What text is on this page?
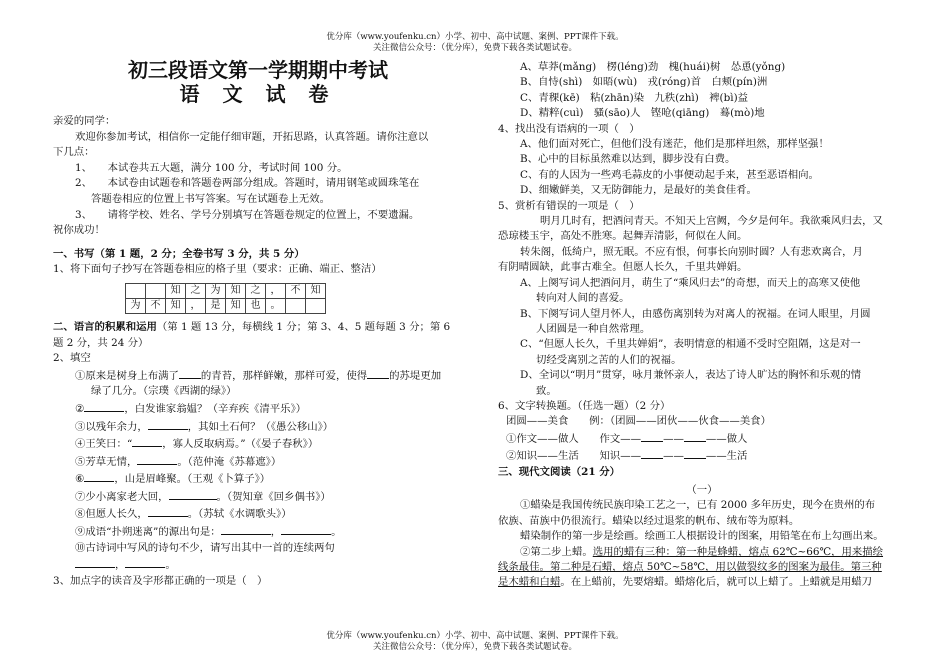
优分库（www.youfenku.cn）小学、初中、高中试题、案例、PPT课件下载。
关注微信公众号：（优分库），免费下载各类试题试卷。
初三段语文第一学期期中考试
语 文 试 卷
亲爱的同学：
欢迎你参加考试，相信你一定能仔细审题，开拓思路，认真答题。请你注意以
下几点：
1、　　本试卷共五大题，满分 100 分，考试时间 100 分。
2、　　本试卷由试题卷和答题卷两部分组成。答题时，请用钢笔或圆珠笔在
答题卷相应的位置上书写答案。写在试题卷上无效。
3、　　请将学校、姓名、学号分别填写在答题卷规定的位置上，不要遗漏。
祝你成功！
一、书写（第 1 题，2 分；全卷书写 3 分，共 5 分）
1、将下面句子抄写在答题卷相应的格子里（要求：正确、端正、整洁）
		知	之	为	知	之	，	不	知
为	不	知	，	是	知	也	。		
二、语言的积累和运用（第 1 题 13 分，每横线 1 分；第 3、4、5 题每题 3 分；第 6
题 2 分，共 24 分）
2、填空
①原来是树身上布满了 的青苔，那样鲜嫩，那样可爱，使得 的苏堤更加
绿了几分。（宗璞《西湖的绿》）
②	，白发谁家翁媪？（辛弃疾《清平乐》）
③以残年余力，	，其如土石何？（《愚公移山》）
④王笑曰：“	，寡人反取病焉。”（《晏子春秋》）
⑤芳草无情，	。（范仲淹《苏幕遮》）
⑥	，山是眉峰聚。（王观《卜算子》）
⑦少小离家老大回，	。（贺知章《回乡偶书》）
⑧但愿人长久，	。（苏轼《水调歌头》）
⑨成语“扑朔迷离”的源出句是：	，	。
⑩古诗词中写风的诗句不少，请写出其中一首的连续两句
，	。
3、加点字的读音及字形都正确的一项是（　）
A、草莽(mǎng)　楞(léng)劲　槐(huái)树　怂恿(yǒng)
B、自恃(shì)　如晤(wù)　戎(róng)首　白颊(pín)洲
C、青稞(kē)　粘(zhān)染　九秩(zhì)　裨(bì)益
D、精粹(cuì)　骚(sāo)人　铿呛(qiāng)　蓦(mò)地
4、找出没有语病的一项（　）
A、他们面对死亡，但他们没有迷茫，他们是那样坦然，那样坚强！
B、心中的目标虽然难以达到，脚步没有白费。
C、有的人因为一些鸡毛蒜皮的小事便动起手来，甚至恶语相向。
D、细嫩鲜美，又无防御能力，是最好的美食佳肴。
5、赏析有错误的一项是（　）
明月几时有，把酒问青天。不知天上宫阙，今夕是何年。我欲乘风归去，又
恐琼楼玉宇，高处不胜寒。起舞弄清影，何似在人间。
转朱阁，低绮户，照无眠。不应有恨，何事长向别时圆？人有悲欢离合，月
有阴晴圆缺，此事古难全。但愿人长久，千里共婵娟。
A、上阕写词人把酒问月，萌生了“乘风归去”的奇想，而天上的高寒又使他
转向对人间的喜爱。
B、下阕写词人望月怀人，由感伤离别转为对离人的祝福。在词人眼里，月圆
人团圆是一种自然常理。
C、“但愿人长久，千里共婵娟”，表明情意的相通不受时空阻隔，这是对一
切经受离别之苦的人们的祝福。
D、全词以“明月”贯穿，咏月兼怀亲人，表达了诗人旷达的胸怀和乐观的情
致。
6、文字转换题。（任选一题）（2 分）
团圆——美食　　例：（团圆——团伙——伙食——美食）
①作文——做人　　作文—— —— ——做人
②知识——生活　　知识—— —— ——生活
三、现代文阅读（21 分）
（一）
①蜡染是我国传统民族印染工艺之一，已有 2000 多年历史，现今在贵州的布
依族、苗族中仍很流行。蜡染以经过退浆的帆布、绒布等为原料。
蜡染制作的第一步是绘画。绘画工人根据设计的图案，用铅笔在布上勾画出来。
②第二步上蜡。选用的蜡有三种：第一种是蜂蜡，熔点 62℃~66℃，用来描绘
线条最佳。第二种是石蜡，熔点 50℃~58℃，用以做裂纹多的图案为最佳。第三种
是木蜡和白蜡。在上蜡前，先要熔蜡。蜡熔化后，就可以上蜡了。上蜡就是用蜡刀
优分库（www.youfenku.cn）小学、初中、高中试题、案例、PPT课件下载。
关注微信公众号：（优分库），免费下载各类试题试卷。
